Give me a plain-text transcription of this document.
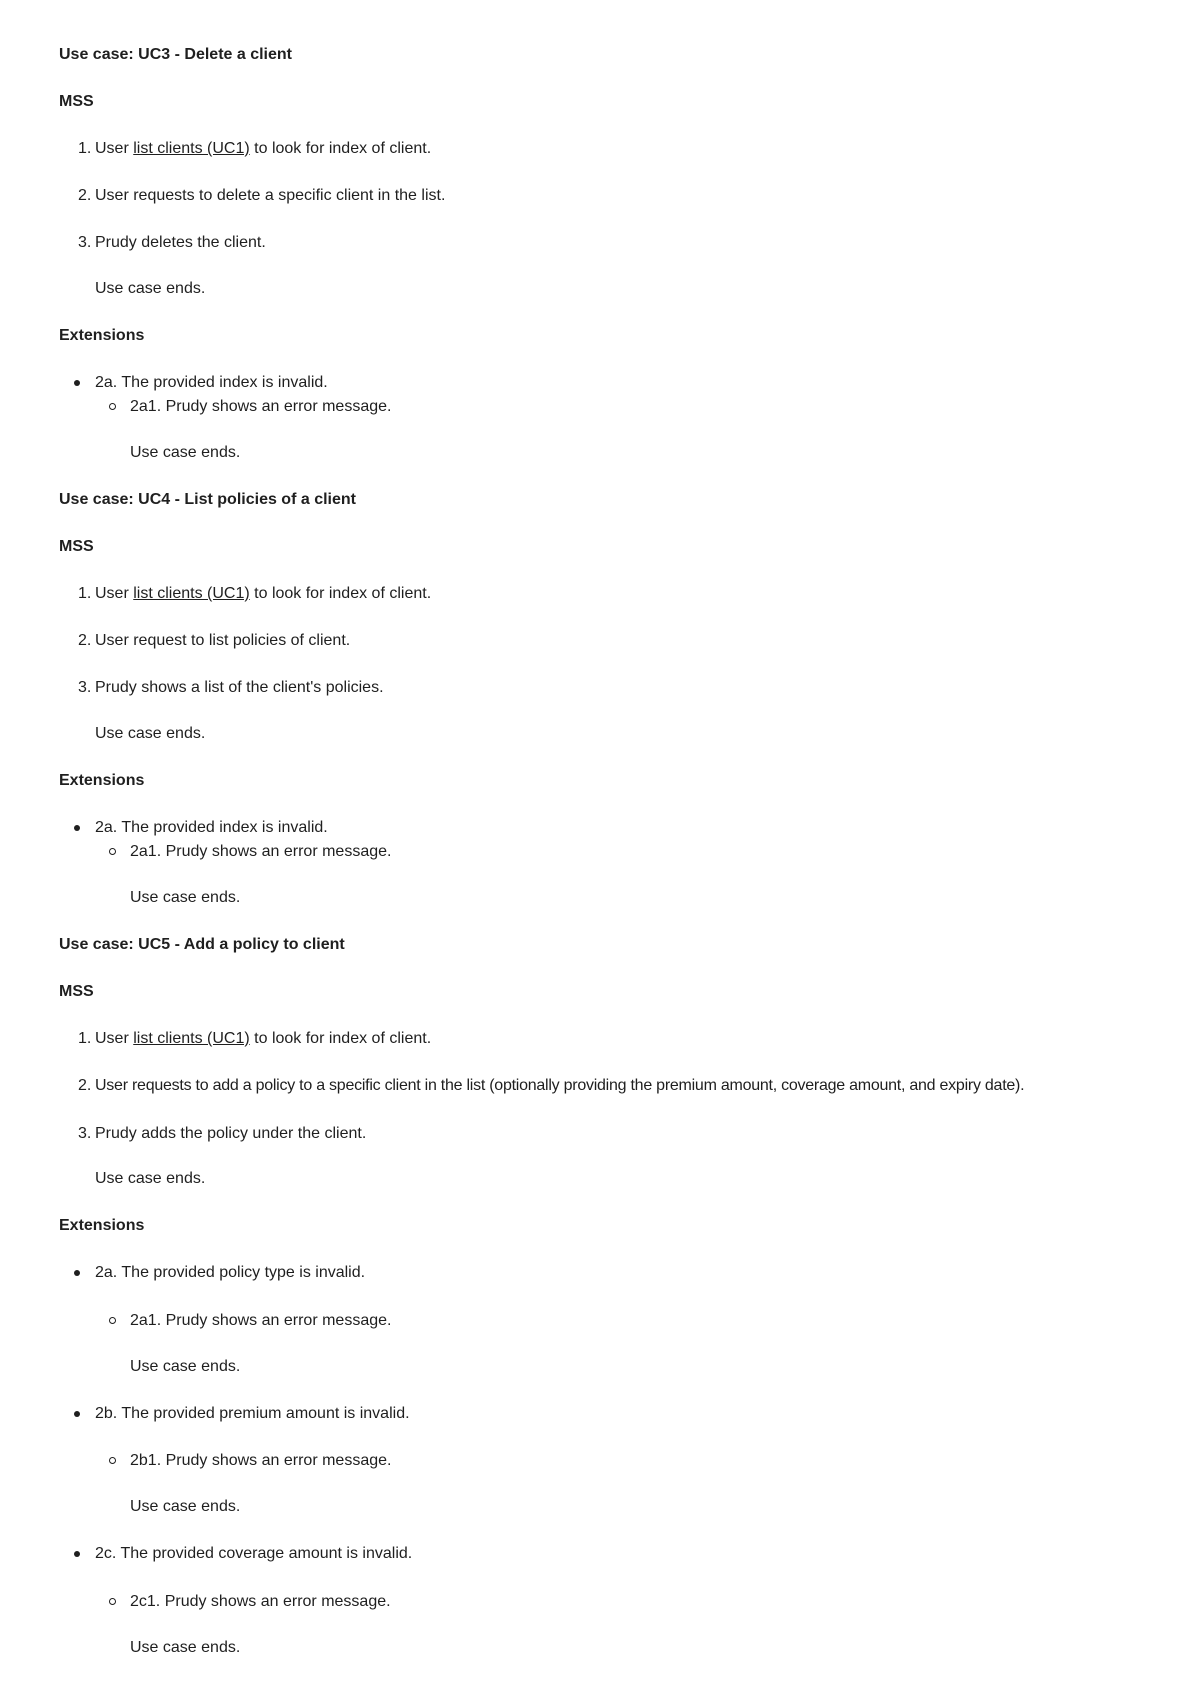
Use case: UC3 - Delete a client
MSS
1. User list clients (UC1) to look for index of client.
2. User requests to delete a specific client in the list.
3. Prudy deletes the client.
Use case ends.
Extensions
2a. The provided index is invalid.
2a1. Prudy shows an error message.
Use case ends.
Use case: UC4 - List policies of a client
MSS
1. User list clients (UC1) to look for index of client.
2. User request to list policies of client.
3. Prudy shows a list of the client's policies.
Use case ends.
Extensions
2a. The provided index is invalid.
2a1. Prudy shows an error message.
Use case ends.
Use case: UC5 - Add a policy to client
MSS
1. User list clients (UC1) to look for index of client.
2. User requests to add a policy to a specific client in the list (optionally providing the premium amount, coverage amount, and expiry date).
3. Prudy adds the policy under the client.
Use case ends.
Extensions
2a. The provided policy type is invalid.
2a1. Prudy shows an error message.
Use case ends.
2b. The provided premium amount is invalid.
2b1. Prudy shows an error message.
Use case ends.
2c. The provided coverage amount is invalid.
2c1. Prudy shows an error message.
Use case ends.
